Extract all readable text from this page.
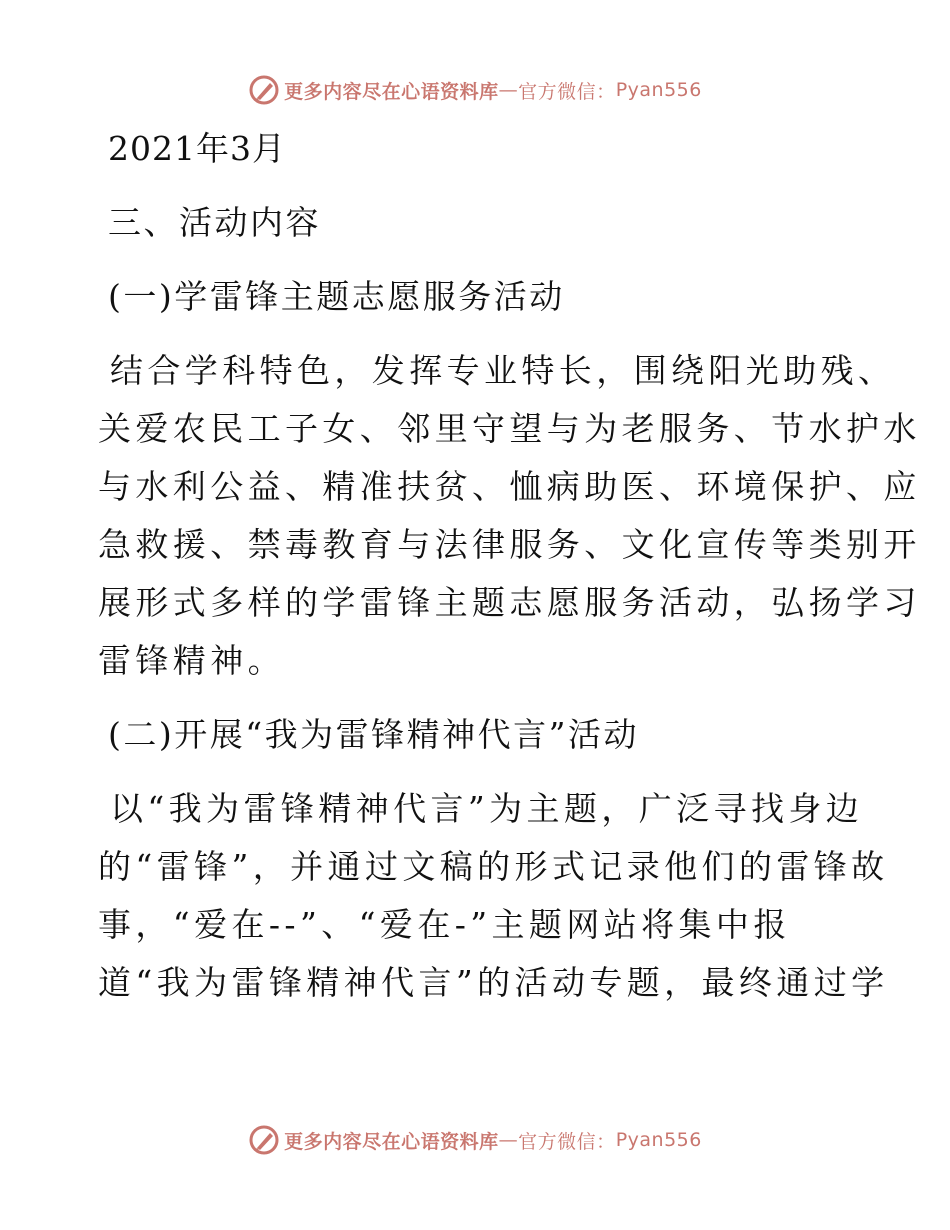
更多内容尽在心语资料库 — 官方微信： Pyan556
2021年3月
三、活动内容
(一)学雷锋主题志愿服务活动
结合学科特色，发挥专业特长，围绕阳光助残、
关爱农民工子女、邻里守望与为老服务、节水护水
与水利公益、精准扶贫、恤病助医、环境保护、应
急救援、禁毒教育与法律服务、文化宣传等类别开
展形式多样的学雷锋主题志愿服务活动，弘扬学习
雷锋精神。
(二)开展“我为雷锋精神代言”活动
以“我为雷锋精神代言”为主题，广泛寻找身边
的“雷锋”，并通过文稿的形式记录他们的雷锋故
事，“爱在--”、“爱在-”主题网站将集中报
道“我为雷锋精神代言”的活动专题，最终通过学
更多内容尽在心语资料库 — 官方微信： Pyan556
